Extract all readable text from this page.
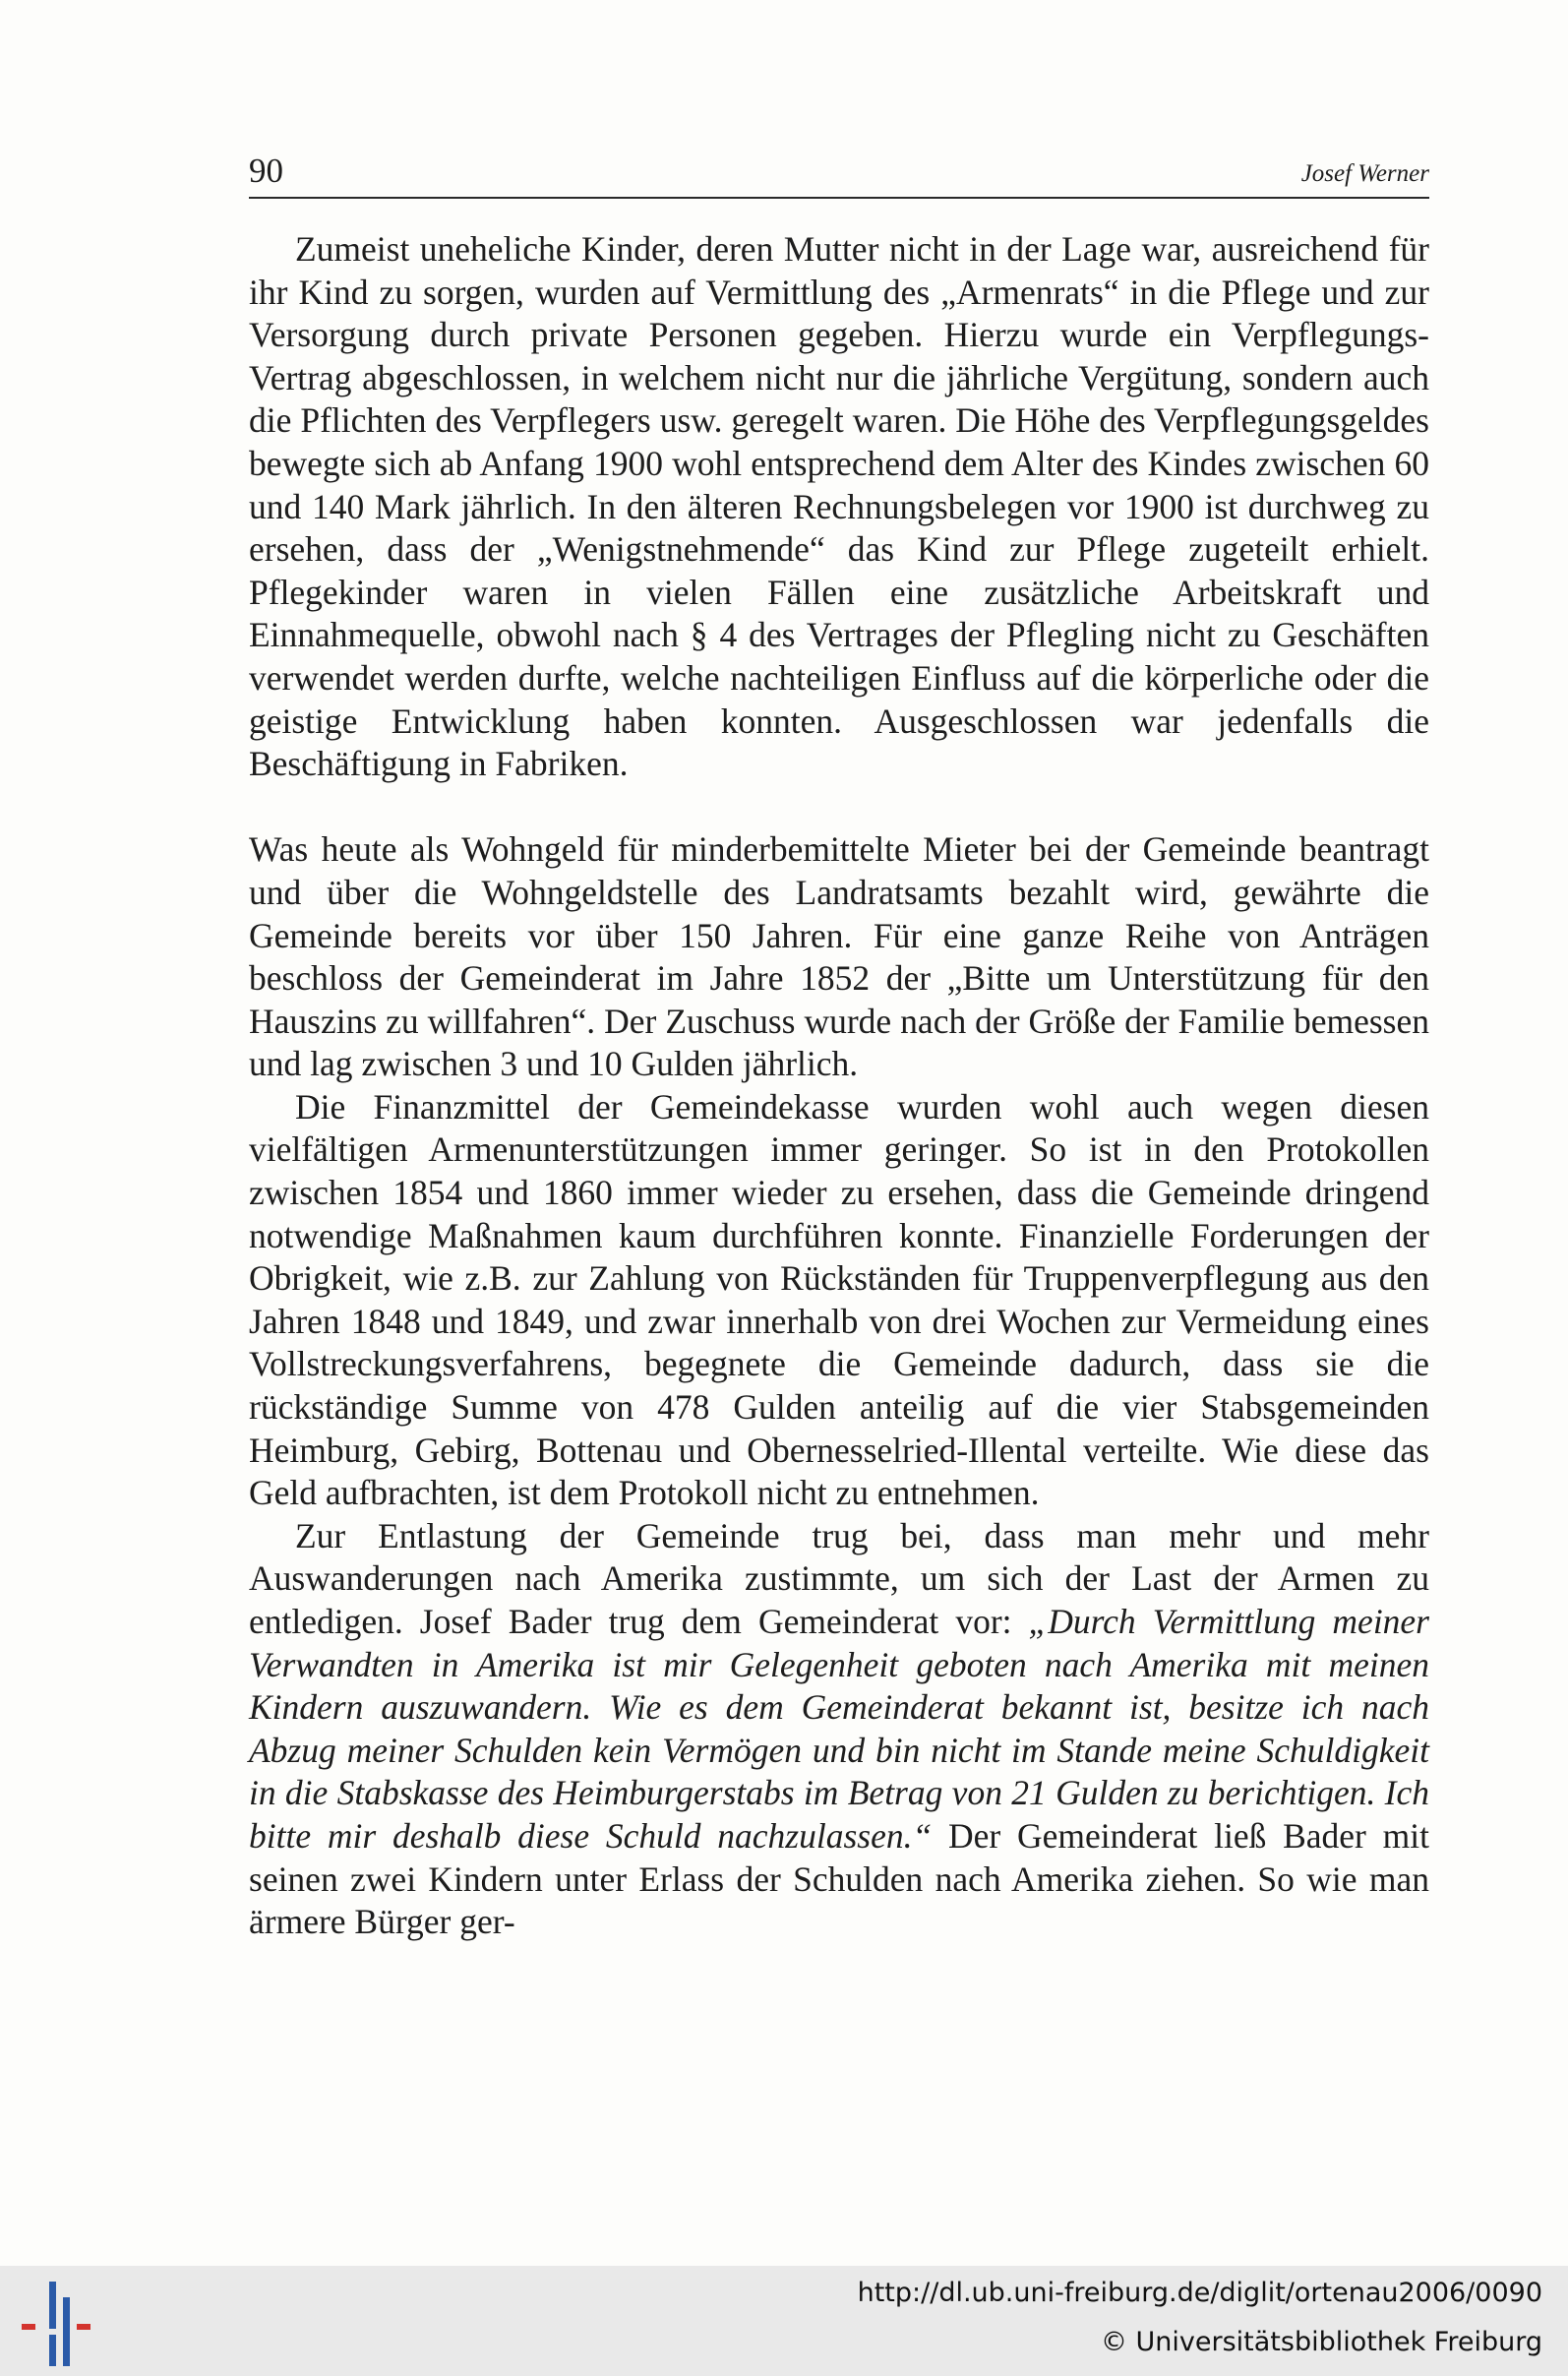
90	Josef Werner

Zumeist uneheliche Kinder, deren Mutter nicht in der Lage war, ausreichend für ihr Kind zu sorgen, wurden auf Vermittlung des „Armenrats“ in die Pflege und zur Versorgung durch private Personen gegeben. Hierzu wurde ein Verpflegungs-Vertrag abgeschlossen, in welchem nicht nur die jährliche Vergütung, sondern auch die Pflichten des Verpflegers usw. geregelt waren. Die Höhe des Verpflegungsgeldes bewegte sich ab Anfang 1900 wohl entsprechend dem Alter des Kindes zwischen 60 und 140 Mark jährlich. In den älteren Rechnungsbelegen vor 1900 ist durchweg zu ersehen, dass der „Wenigstnehmende“ das Kind zur Pflege zugeteilt erhielt. Pflegekinder waren in vielen Fällen eine zusätzliche Arbeitskraft und Einnahmequelle, obwohl nach § 4 des Vertrages der Pflegling nicht zu Geschäften verwendet werden durfte, welche nachteiligen Einfluss auf die körperliche oder die geistige Entwicklung haben konnten. Ausgeschlossen war jedenfalls die Beschäftigung in Fabriken.

Was heute als Wohngeld für minderbemittelte Mieter bei der Gemeinde beantragt und über die Wohngeldstelle des Landratsamts bezahlt wird, gewährte die Gemeinde bereits vor über 150 Jahren. Für eine ganze Reihe von Anträgen beschloss der Gemeinderat im Jahre 1852 der „Bitte um Unterstützung für den Hauszins zu willfahren“. Der Zuschuss wurde nach der Größe der Familie bemessen und lag zwischen 3 und 10 Gulden jährlich.

Die Finanzmittel der Gemeindekasse wurden wohl auch wegen diesen vielfältigen Armenunterstützungen immer geringer. So ist in den Protokollen zwischen 1854 und 1860 immer wieder zu ersehen, dass die Gemeinde dringend notwendige Maßnahmen kaum durchführen konnte. Finanzielle Forderungen der Obrigkeit, wie z.B. zur Zahlung von Rückständen für Truppenverpflegung aus den Jahren 1848 und 1849, und zwar innerhalb von drei Wochen zur Vermeidung eines Vollstreckungsverfahrens, begegnete die Gemeinde dadurch, dass sie die rückständige Summe von 478 Gulden anteilig auf die vier Stabsgemeinden Heimburg, Gebirg, Bottenau und Obernesselried-Illental verteilte. Wie diese das Geld aufbrachten, ist dem Protokoll nicht zu entnehmen.

Zur Entlastung der Gemeinde trug bei, dass man mehr und mehr Auswanderungen nach Amerika zustimmte, um sich der Last der Armen zu entledigen. Josef Bader trug dem Gemeinderat vor: „Durch Vermittlung meiner Verwandten in Amerika ist mir Gelegenheit geboten nach Amerika mit meinen Kindern auszuwandern. Wie es dem Gemeinderat bekannt ist, besitze ich nach Abzug meiner Schulden kein Vermögen und bin nicht im Stande meine Schuldigkeit in die Stabskasse des Heimburgerstabs im Betrag von 21 Gulden zu berichtigen. Ich bitte mir deshalb diese Schuld nachzulassen.“ Der Gemeinderat ließ Bader mit seinen zwei Kindern unter Erlass der Schulden nach Amerika ziehen. So wie man ärmere Bürger ger-

http://dl.ub.uni-freiburg.de/diglit/ortenau2006/0090
© Universitätsbibliothek Freiburg
